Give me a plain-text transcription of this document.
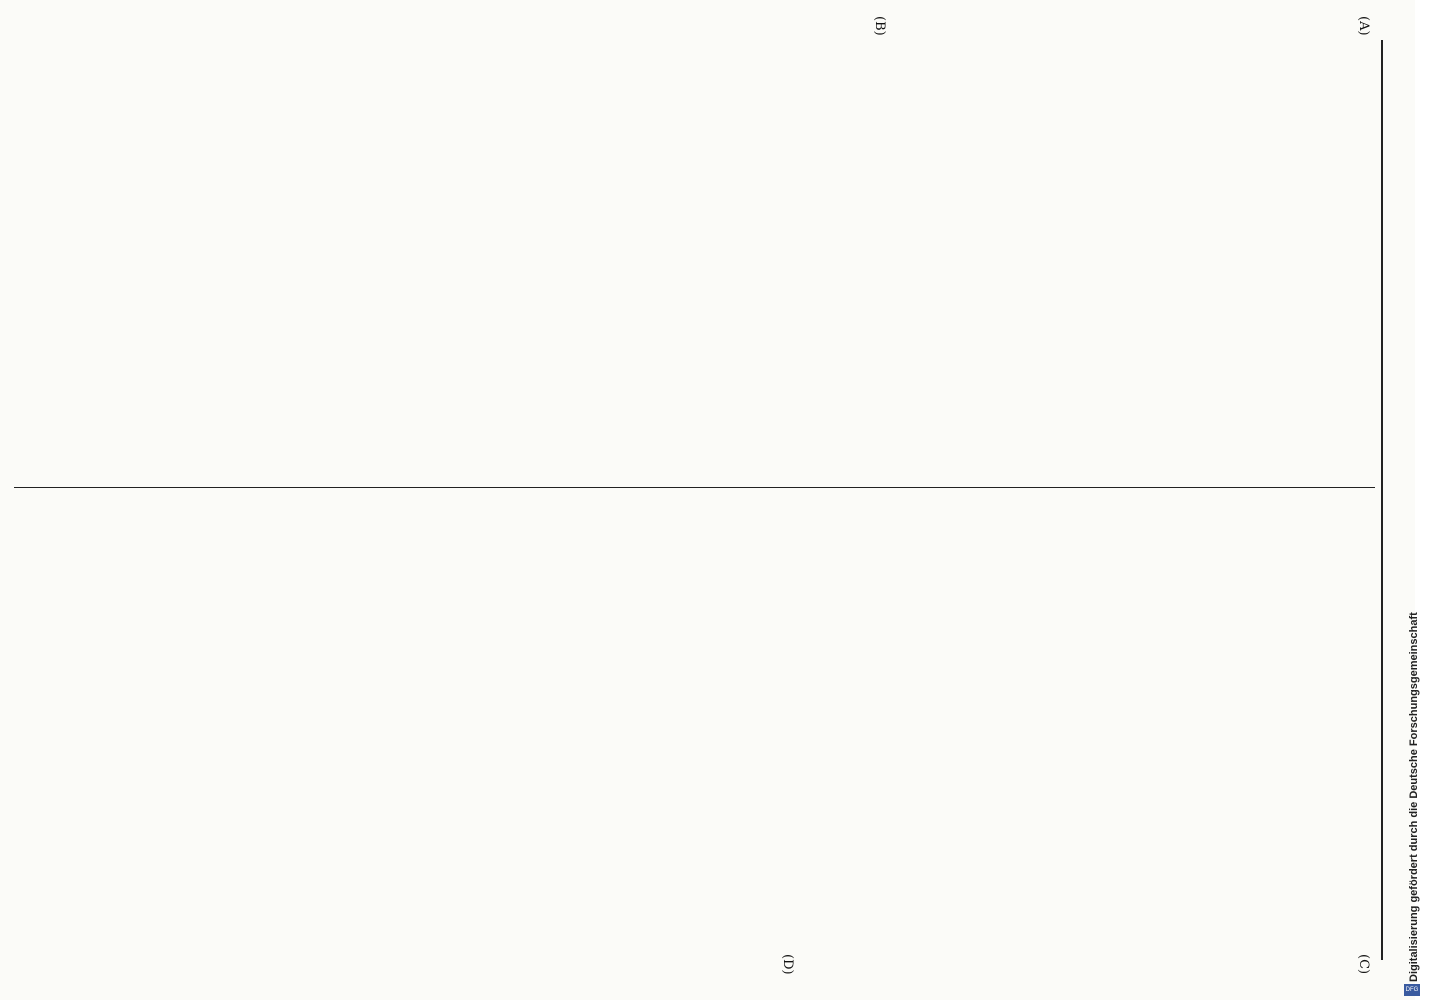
(A)
(B)
(C)
(D)	Digitalisierung gefördert durch die Deutsche Forschungsgemeinschaft
DFG
